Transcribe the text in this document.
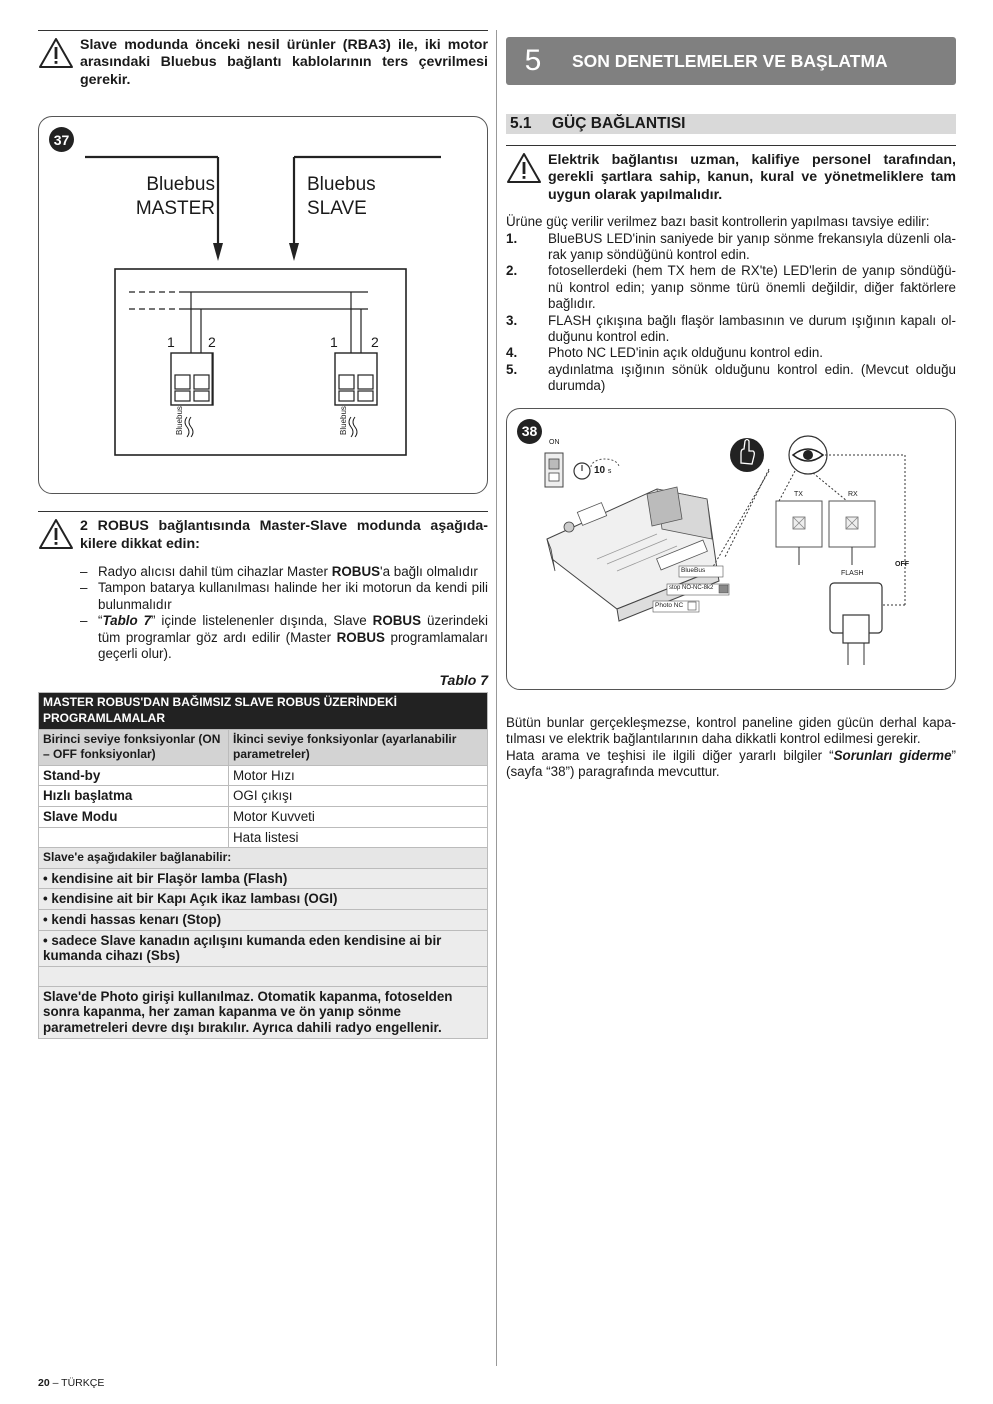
Slave modunda önceki nesil ürünler (RBA3) ile, iki motor arasındaki Bluebus bağlantı kablolarının ters çevrilmesi gerekir.
37
Bluebus
MASTER
Bluebus
SLAVE
1 2	1 2
Bluebus	Bluebus
2 ROBUS bağlantısında Master-Slave modunda aşağıda-kilere dikkat edin:
– Radyo alıcısı dahil tüm cihazlar Master ROBUS'a bağlı olmalıdır
– Tampon batarya kullanılması halinde her iki motorun da kendi pili bulunmalıdır
– “Tablo 7” içinde listelenenler dışında, Slave ROBUS üzerindeki tüm programlar göz ardı edilir (Master ROBUS programlamaları geçerli olur).
Tablo 7
MASTER ROBUS'DAN BAĞIMSIZ SLAVE ROBUS ÜZERİNDEKİ PROGRAMLAMALAR	
Birinci seviye fonksiyonlar (ON – OFF fonksiyonlar)	İkinci seviye fonksiyonlar (ayarlanabilir parametreler)
Stand-by	Motor Hızı
Hızlı başlatma	OGI çıkışı
Slave Modu	Motor Kuvveti
	Hata listesi
Slave'e aşağıdakiler bağlanabilir:	
• kendisine ait bir Flaşör lamba (Flash)	
• kendisine ait bir Kapı Açık ikaz lambası (OGI)	
• kendi hassas kenarı (Stop)	
• sadece Slave kanadın açılışını kumanda eden kendisine ai bir kumanda cihazı (Sbs)	

Slave'de Photo girişi kullanılmaz. Otomatik kapanma, fotoselden sonra kapanma, her zaman kapanma ve ön yanıp sönme parametreleri devre dışı bırakılır. Ayrıca dahili radyo engellenir.	
5	SON DENETLEMELER VE BAŞLATMA
5.1	GÜÇ BAĞLANTISI
Elektrik bağlantısı uzman, kalifiye personel tarafından, gerekli şartlara sahip, kanun, kural ve yönetmeliklere tam uygun olarak yapılmalıdır.
Ürüne güç verilir verilmez bazı basit kontrollerin yapılması tavsiye edilir:
1.	BlueBUS LED'inin saniyede bir yanıp sönme frekansıyla düzenli ola-rak yanıp söndüğünü kontrol edin.
2.	fotosellerdeki (hem TX hem de RX'te) LED'lerin de yanıp söndüğü-nü kontrol edin; yanıp sönme türü önemli değildir, diğer faktörlere bağlıdır.
3.	FLASH çıkışına bağlı flaşör lambasının ve durum ışığının kapalı ol-duğunu kontrol edin.
4.	Photo NC LED'inin açık olduğunu kontrol edin.
5.	aydınlatma ışığının sönük olduğunu kontrol edin. (Mevcut olduğu durumda)
38
ON
10 s
TX	RX
OFF
FLASH
BlueBus
stop NO-NC-8k2
Photo NC
Bütün bunlar gerçekleşmezse, kontrol paneline giden gücün derhal kapa-tılması ve elektrik bağlantılarının daha dikkatli kontrol edilmesi gerekir.
Hata arama ve teşhisi ile ilgili diğer yararlı bilgiler “Sorunları giderme” (sayfa “38”) paragrafında mevcuttur.
20 – TÜRKÇE
